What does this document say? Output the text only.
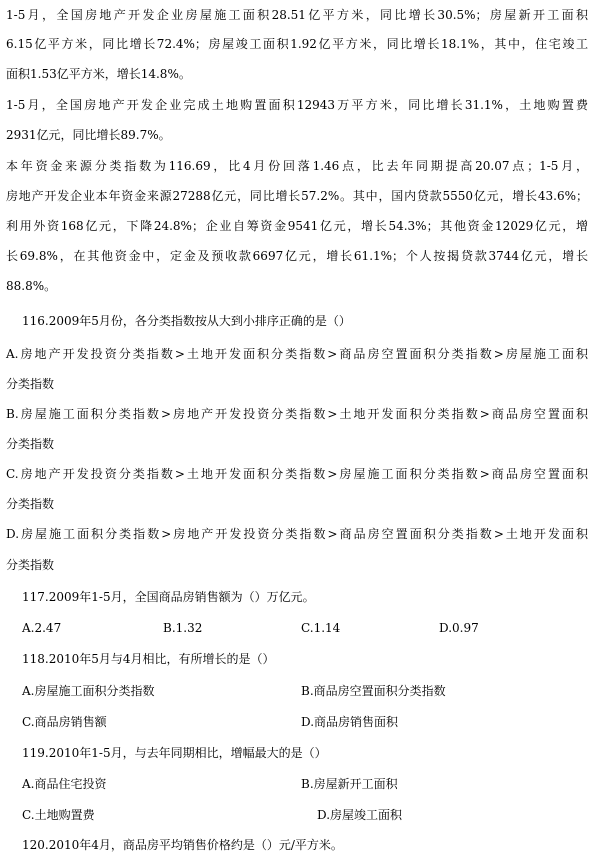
1-5月，全国房地产开发企业房屋施工面积28.51亿平方米，同比增长30.5%；房屋新开工面积
6.15亿平方米，同比增长72.4%；房屋竣工面积1.92亿平方米，同比增长18.1%，其中，住宅竣工
面积1.53亿平方米，增长14.8%。
1-5月，全国房地产开发企业完成土地购置面积12943万平方米，同比增长31.1%，土地购置费
2931亿元，同比增长89.7%。
本年资金来源分类指数为116.69，比4月份回落1.46点，比去年同期提高20.07点；1-5月，
房地产开发企业本年资金来源27288亿元，同比增长57.2%。其中，国内贷款5550亿元，增长43.6%；
利用外资168亿元，下降24.8%；企业自筹资金9541亿元，增长54.3%；其他资金12029亿元，增
长69.8%，在其他资金中，定金及预收款6697亿元，增长61.1%；个人按揭贷款3744亿元，增长
88.8%。
116.2009年5月份，各分类指数按从大到小排序正确的是（）
A.房地产开发投资分类指数>土地开发面积分类指数>商品房空置面积分类指数>房屋施工面积
分类指数
B.房屋施工面积分类指数>房地产开发投资分类指数>土地开发面积分类指数>商品房空置面积
分类指数
C.房地产开发投资分类指数>土地开发面积分类指数>房屋施工面积分类指数>商品房空置面积
分类指数
D.房屋施工面积分类指数>房地产开发投资分类指数>商品房空置面积分类指数>土地开发面积
分类指数
117.2009年1-5月，全国商品房销售额为（）万亿元。
A.2.47	B.1.32	C.1.14	D.0.97
118.2010年5月与4月相比，有所增长的是（）
A.房屋施工面积分类指数	B.商品房空置面积分类指数
C.商品房销售额	D.商品房销售面积
119.2010年1-5月，与去年同期相比，增幅最大的是（）
A.商品住宅投资	B.房屋新开工面积
C.土地购置费	D.房屋竣工面积
120.2010年4月，商品房平均销售价格约是（）元/平方米。
